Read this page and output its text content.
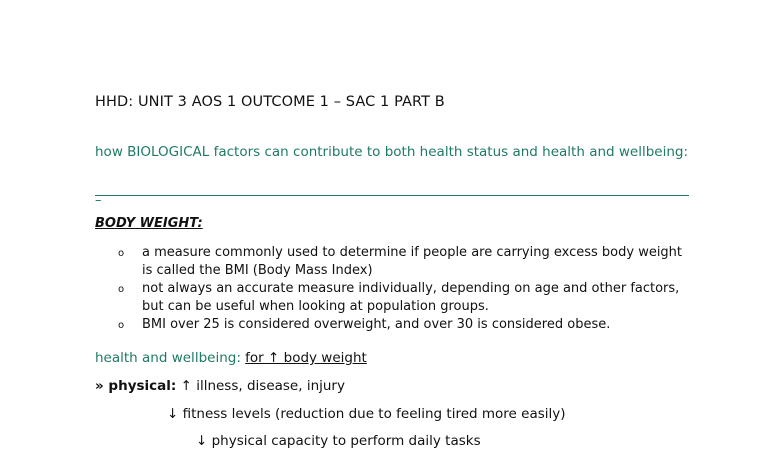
HHD: UNIT 3 AOS 1 OUTCOME 1 – SAC 1 PART B
how BIOLOGICAL factors can contribute to both health status and health and wellbeing:
–
BODY WEIGHT:
o a measure commonly used to determine if people are carrying excess body weight is called the BMI (Body Mass Index)
o not always an accurate measure individually, depending on age and other factors, but can be useful when looking at population groups.
o BMI over 25 is considered overweight, and over 30 is considered obese.
health and wellbeing: for ↑ body weight
» physical: ↑ illness, disease, injury
↓ fitness levels (reduction due to feeling tired more easily)
↓ physical capacity to perform daily tasks
